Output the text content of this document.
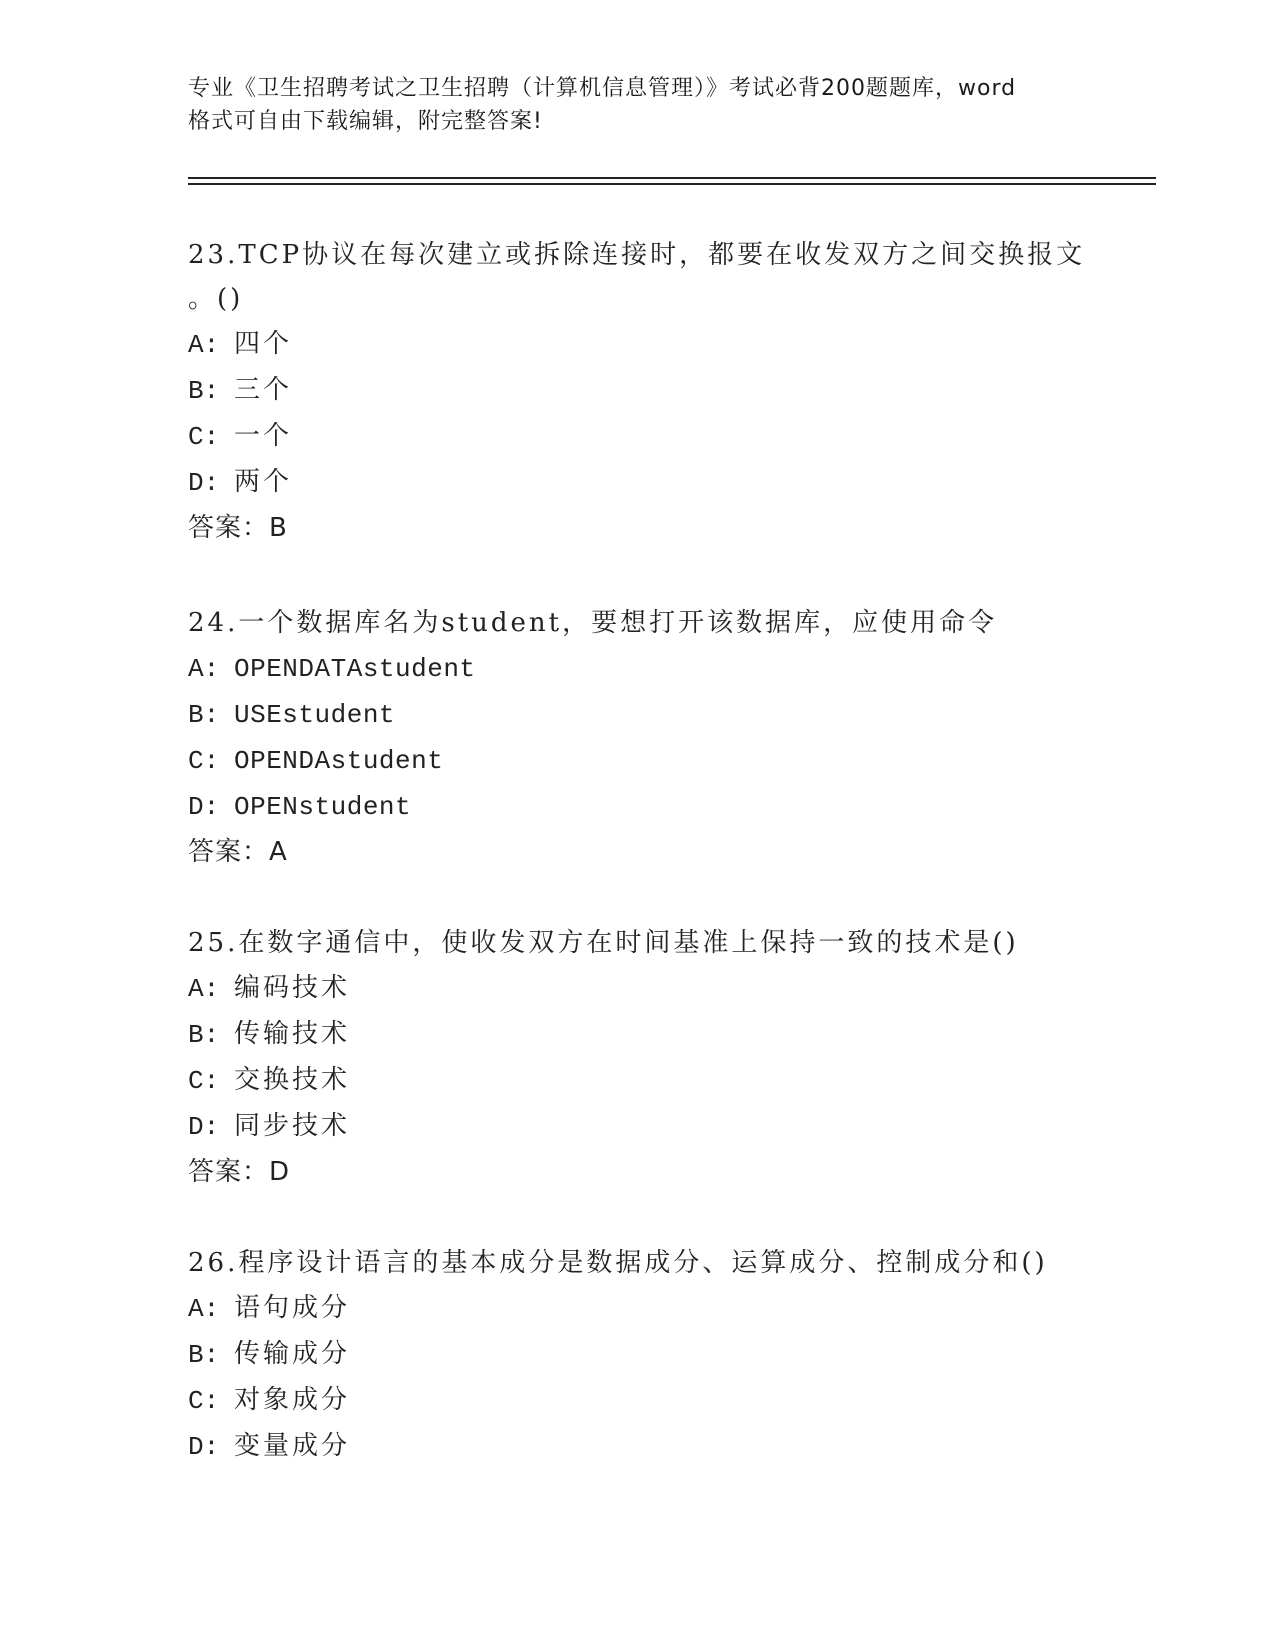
专业《卫生招聘考试之卫生招聘（计算机信息管理）》考试必背200题题库，word
格式可自由下载编辑，附完整答案!
23.TCP协议在每次建立或拆除连接时，都要在收发双方之间交换报文
。()
A: 四个
B: 三个
C: 一个
D: 两个
答案：B
24.一个数据库名为student，要想打开该数据库，应使用命令
A: OPENDATAstudent
B: USEstudent
C: OPENDAstudent
D: OPENstudent
答案：A
25.在数字通信中，使收发双方在时间基准上保持一致的技术是()
A: 编码技术
B: 传输技术
C: 交换技术
D: 同步技术
答案：D
26.程序设计语言的基本成分是数据成分、运算成分、控制成分和()
A: 语句成分
B: 传输成分
C: 对象成分
D: 变量成分
